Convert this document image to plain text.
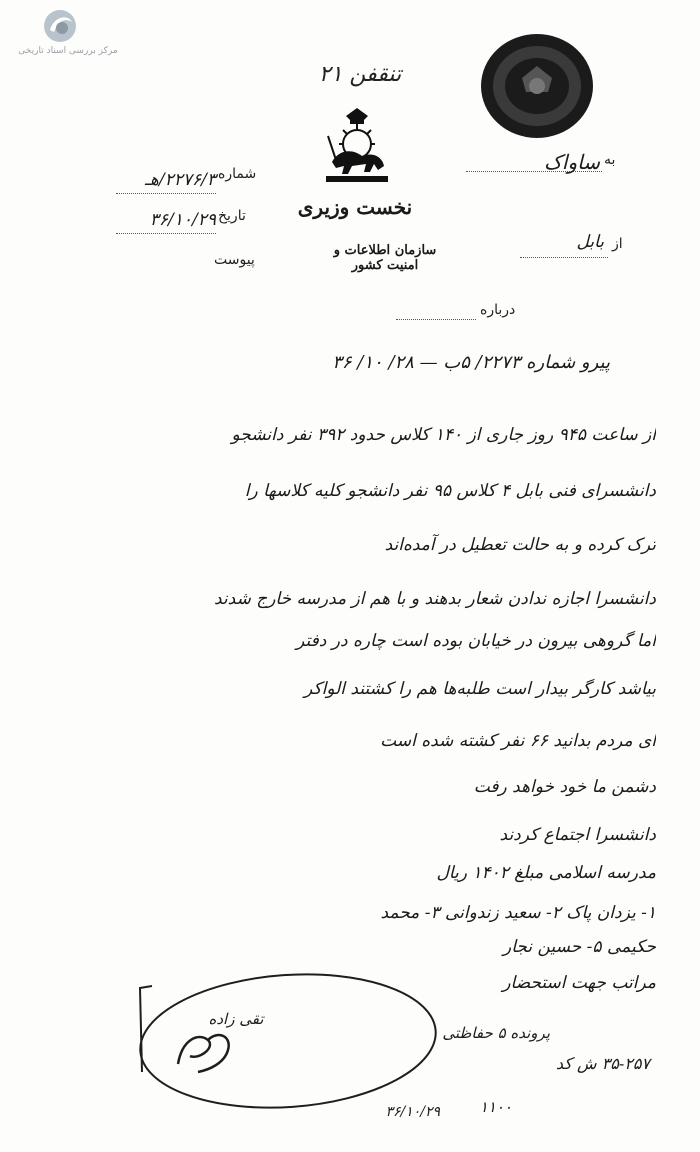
مرکز بررسی اسناد تاریخی
تنقفن ۲۱
نخست وزیری
سازمان اطلاعات و امنیت کشور
شماره
۲۲۷۶/۳/هـ
تاریخ
۳۶/۱۰/۲۹
پیوست
به
ساواک
از
بابل
درباره
پیرو شماره ۲۲۷۳/ ۵ب — ۲۸/ ۱۰/ ۳۶
از ساعت ۹۴۵ روز جاری از ۱۴۰ کلاس حدود ۳۹۲ نفر دانشجو
دانشسرای فنی بابل ۴ کلاس ۹۵ نفر دانشجو کلیه کلاسها را
ترک کرده و به حالت تعطیل در آمده‌اند
دانشسرا اجازه ندادن شعار بدهند و با هم از مدرسه خارج شدند
اما گروهی بیرون در خیابان بوده است چاره در دفتر
بیاشد کارگر بیدار است طلبه‌ها هم را کشتند الواکر
ای مردم بدانید ۶۶ نفر کشته شده است
دشمن ما خود خواهد رفت
دانشسرا اجتماع کردند
مدرسه اسلامی مبلغ ۱۴۰۲ ریال
۱- یزدان پاک ۲- سعید زندوانی ۳- محمد
حکیمی ۵- حسین نجار
مراتب جهت استحضار
تقی زاده
پرونده ۵ حفاظتی
۳۵-۲۵۷ ش کد
۱۱۰۰
۳۶/۱۰/۲۹
